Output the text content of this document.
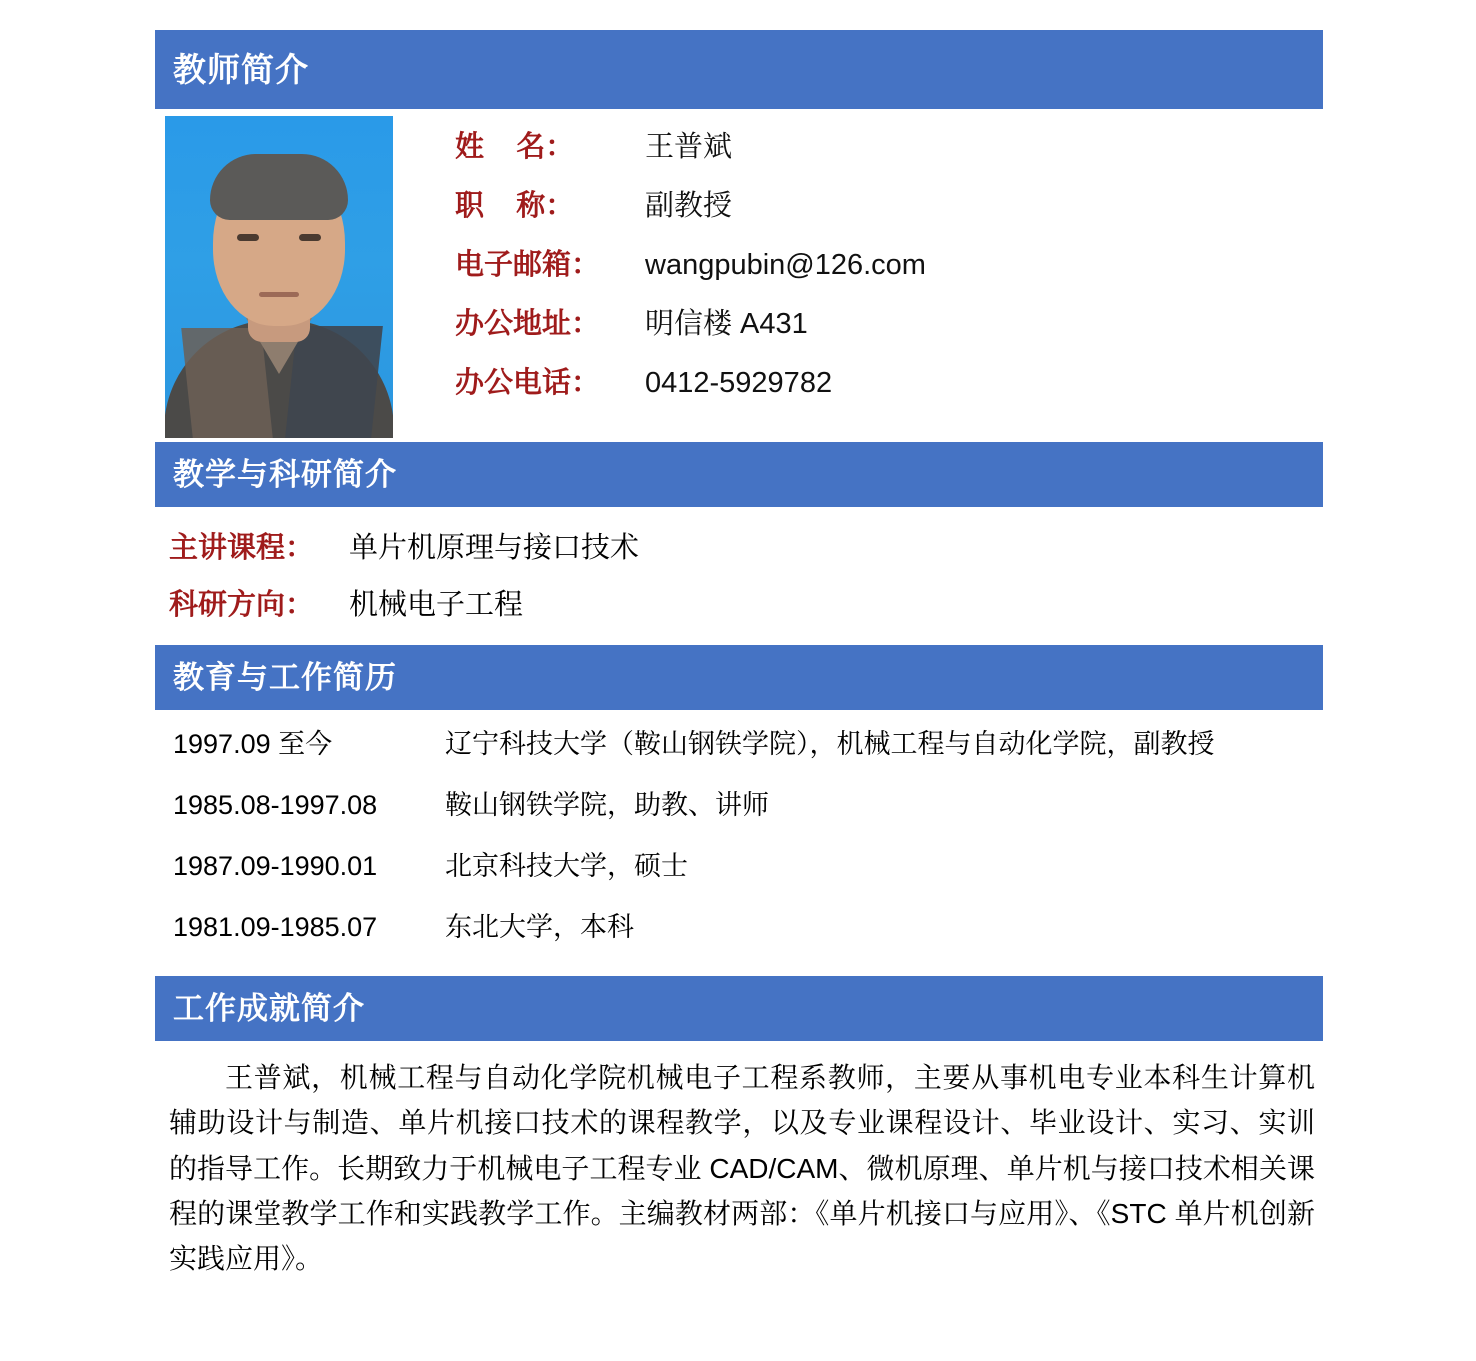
教师简介
姓    名：	王普斌
职    称：	副教授
电子邮箱：	wangpubin@126.com
办公地址：	明信楼 A431
办公电话：	0412-5929782
教学与科研简介
主讲课程：	单片机原理与接口技术
科研方向：	机械电子工程
教育与工作简历
1997.09 至今	辽宁科技大学（鞍山钢铁学院），机械工程与自动化学院，副教授
1985.08-1997.08	鞍山钢铁学院，助教、讲师
1987.09-1990.01	北京科技大学，硕士
1981.09-1985.07	东北大学，本科
工作成就简介
王普斌，机械工程与自动化学院机械电子工程系教师，主要从事机电专业本科生计算机辅助设计与制造、单片机接口技术的课程教学，以及专业课程设计、毕业设计、实习、实训的指导工作。长期致力于机械电子工程专业 CAD/CAM、微机原理、单片机与接口技术相关课程的课堂教学工作和实践教学工作。主编教材两部：《单片机接口与应用》、《STC 单片机创新实践应用》。
